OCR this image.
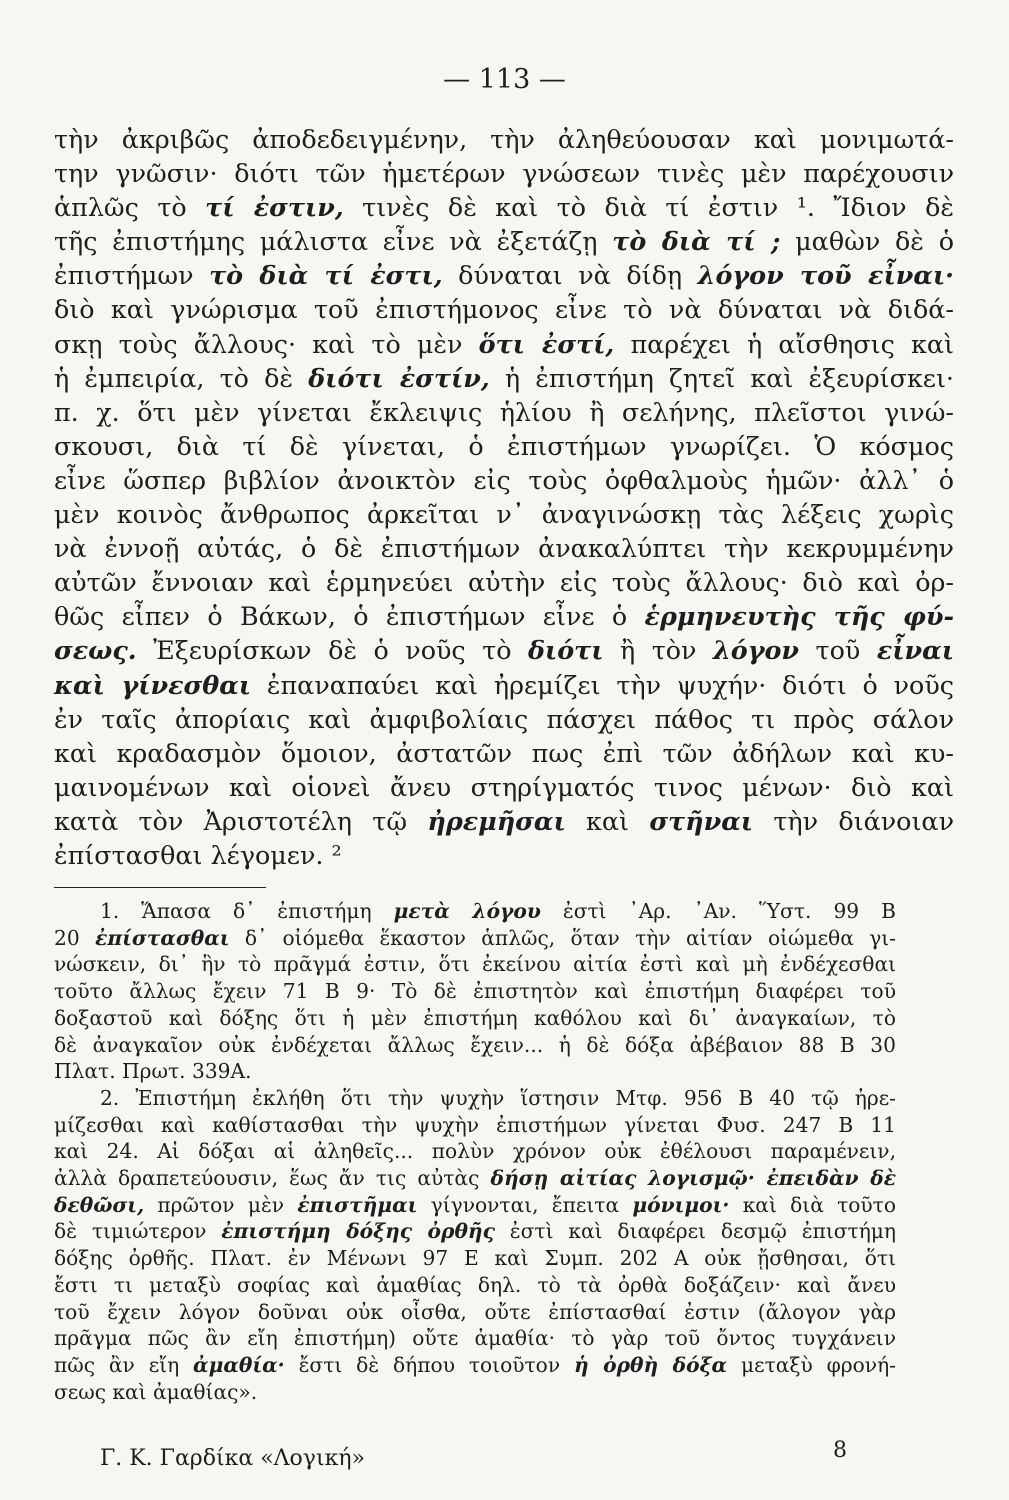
— 113 —
τὴν ἀκριβῶς ἀποδεδειγμένην, τὴν ἀληθεύουσαν καὶ μονιμωτά-
την γνῶσιν· διότι τῶν ἡμετέρων γνώσεων τινὲς μὲν παρέχουσιν
ἁπλῶς τὸ τί ἐστιν, τινὲς δὲ καὶ τὸ διὰ τί ἐστιν ¹. Ἴδιον δὲ
τῆς ἐπιστήμης μάλιστα εἶνε νὰ ἐξετάζῃ τὸ διὰ τί ; μαθὼν δὲ ὁ
ἐπιστήμων τὸ διὰ τί ἐστι, δύναται νὰ δίδῃ λόγον τοῦ εἶναι·
διὸ καὶ γνώρισμα τοῦ ἐπιστήμονος εἶνε τὸ νὰ δύναται νὰ διδά-
σκῃ τοὺς ἄλλους· καὶ τὸ μὲν ὅτι ἐστί, παρέχει ἡ αἴσθησις καὶ
ἡ ἐμπειρία, τὸ δὲ διότι ἐστίν, ἡ ἐπιστήμη ζητεῖ καὶ ἐξευρίσκει·
π. χ. ὅτι μὲν γίνεται ἔκλειψις ἡλίου ἢ σελήνης, πλεῖστοι γινώ-
σκουσι, διὰ τί δὲ γίνεται, ὁ ἐπιστήμων γνωρίζει. Ὁ κόσμος
εἶνε ὥσπερ βιβλίον ἀνοικτὸν εἰς τοὺς ὀφθαλμοὺς ἡμῶν· ἀλλ᾽ ὁ
μὲν κοινὸς ἄνθρωπος ἀρκεῖται ν᾽ ἀναγινώσκῃ τὰς λέξεις χωρὶς
νὰ ἐννοῇ αὐτάς, ὁ δὲ ἐπιστήμων ἀνακαλύπτει τὴν κεκρυμμένην
αὐτῶν ἔννοιαν καὶ ἑρμηνεύει αὐτὴν εἰς τοὺς ἄλλους· διὸ καὶ ὀρ-
θῶς εἶπεν ὁ Βάκων, ὁ ἐπιστήμων εἶνε ὁ ἑρμηνευτὴς τῆς φύ-
σεως. Ἐξευρίσκων δὲ ὁ νοῦς τὸ διότι ἢ τὸν λόγον τοῦ εἶναι
καὶ γίνεσθαι ἐπαναπαύει καὶ ἠρεμίζει τὴν ψυχήν· διότι ὁ νοῦς
ἐν ταῖς ἀπορίαις καὶ ἀμφιβολίαις πάσχει πάθος τι πρὸς σάλον
καὶ κραδασμὸν ὅμοιον, ἀστατῶν πως ἐπὶ τῶν ἀδήλων καὶ κυ-
μαινομένων καὶ οἱονεὶ ἄνευ στηρίγματός τινος μένων· διὸ καὶ
κατὰ τὸν Ἀριστοτέλη τῷ ἠρεμῆσαι καὶ στῆναι τὴν διάνοιαν
ἐπίστασθαι λέγομεν. ²
1. Ἅπασα δ᾽ ἐπιστήμη μετὰ λόγου ἐστὶ ᾽Αρ. ᾽Αν. Ὕστ. 99 Β
20 ἐπίστασθαι δ᾽ οἰόμεθα ἕκαστον ἁπλῶς, ὅταν τὴν αἰτίαν οἰώμεθα γι-
νώσκειν, δι᾽ ἣν τὸ πρᾶγμά ἐστιν, ὅτι ἐκείνου αἰτία ἐστὶ καὶ μὴ ἐνδέχεσθαι
τοῦτο ἄλλως ἔχειν 71 Β 9· Τὸ δὲ ἐπιστητὸν καὶ ἐπιστήμη διαφέρει τοῦ
δοξαστοῦ καὶ δόξης ὅτι ἡ μὲν ἐπιστήμη καθόλου καὶ δι᾽ ἀναγκαίων, τὸ
δὲ ἀναγκαῖον οὐκ ἐνδέχεται ἄλλως ἔχειν... ἡ δὲ δόξα ἀβέβαιον 88 Β 30
Πλατ. Πρωτ. 339Α.
2. Ἐπιστήμη ἐκλήθη ὅτι τὴν ψυχὴν ἵστησιν Μτφ. 956 Β 40 τῷ ἠρε-
μίζεσθαι καὶ καθίστασθαι τὴν ψυχὴν ἐπιστήμων γίνεται Φυσ. 247 Β 11
καὶ 24. Αἱ δόξαι αἱ ἀληθεῖς... πολὺν χρόνον οὐκ ἐθέλουσι παραμένειν,
ἀλλὰ δραπετεύουσιν, ἕως ἄν τις αὐτὰς δήσῃ αἰτίας λογισμῷ· ἐπειδὰν δὲ
δεθῶσι, πρῶτον μὲν ἐπιστῆμαι γίγνονται, ἔπειτα μόνιμοι· καὶ διὰ τοῦτο
δὲ τιμιώτερον ἐπιστήμη δόξης ὀρθῆς ἐστὶ καὶ διαφέρει δεσμῷ ἐπιστήμη
δόξης ὀρθῆς. Πλατ. ἐν Μένωνι 97 Ε καὶ Συμπ. 202 Α οὐκ ᾔσθησαι, ὅτι
ἔστι τι μεταξὺ σοφίας καὶ ἀμαθίας δηλ. τὸ τὰ ὀρθὰ δοξάζειν· καὶ ἄνευ
τοῦ ἔχειν λόγον δοῦναι οὐκ οἶσθα, οὔτε ἐπίστασθαί ἐστιν (ἄλογον γὰρ
πρᾶγμα πῶς ἂν εἴη ἐπιστήμη) οὔτε ἀμαθία· τὸ γὰρ τοῦ ὄντος τυγχάνειν
πῶς ἂν εἴη ἀμαθία· ἔστι δὲ δήπου τοιοῦτον ἡ ὀρθὴ δόξα μεταξὺ φρονή-
σεως καὶ ἀμαθίας».
Γ. Κ. Γαρδίκα «Λογική»	8
